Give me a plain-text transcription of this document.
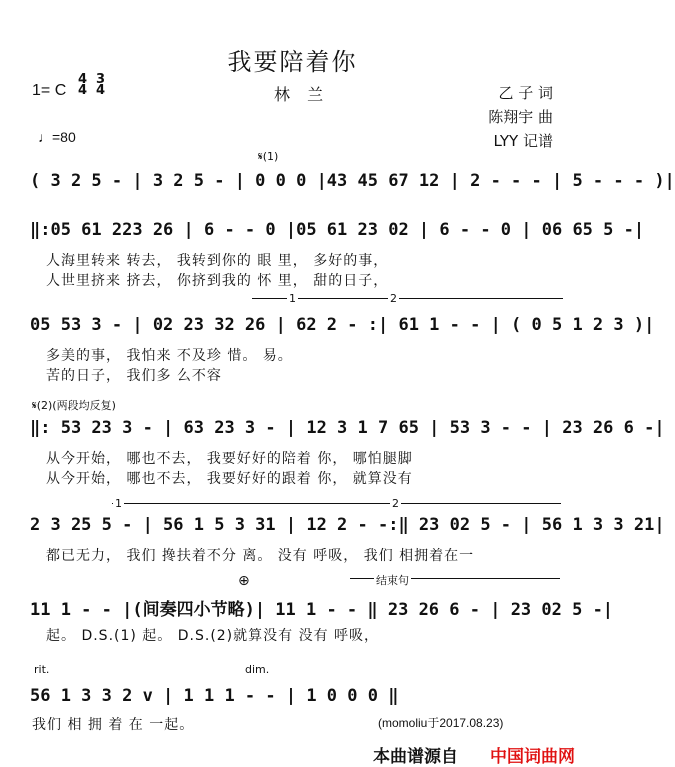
我要陪着你
1= C
4
4
3
4	林 兰	乙 子 词
陈翔宇 曲
LYY 记谱
♩=80
𝄋(1)
( 3 2 5 - | 3 2 5 - | 0 0 0 |43 45 67 12 | 2 - - - | 5 - - - )|
‖:05 61 223 26 | 6 - - 0 |05 61 23 02 | 6 - - 0 | 06 65 5 -|
人海里转来 转去， 我转到你的 眼 里， 多好的事，
人世里挤来 挤去， 你挤到我的 怀 里， 甜的日子，
1	2
05 53 3 - | 02 23 32 26 | 62 2 - :| 61 1 - - | ( 0 5 1 2 3 )|
多美的事， 我怕来 不及珍 惜。 易。
苦的日子， 我们多 么不容
𝄋(2)(两段均反复)
‖: 53 23 3 - | 63 23 3 - | 12 3 1 7 65 | 53 3 - - | 23 26 6 -|
从今开始， 哪也不去， 我要好好的陪着 你， 哪怕腿脚
从今开始， 哪也不去， 我要好好的跟着 你， 就算没有
1	2
2 3 25 5 - | 56 1 5 3 31 | 12 2 - -:‖ 23 02 5 - | 56 1 3 3 21|
都已无力， 我们 搀扶着不分 离。 没有 呼吸， 我们 相拥着在一
⊕	结束句
11 1 - - |(间奏四小节略)| 11 1 - - ‖ 23 26 6 - | 23 02 5 -|
起。 D.S.(1) 起。 D.S.(2)就算没有 没有 呼吸，
rit.	dim.
56 1 3 3 2 v | 1 1 1 - - | 1 0 0 0 ‖
我们 相 拥 着 在 一起。	(momoliu于2017.08.23)
本曲谱源自 中国词曲网
